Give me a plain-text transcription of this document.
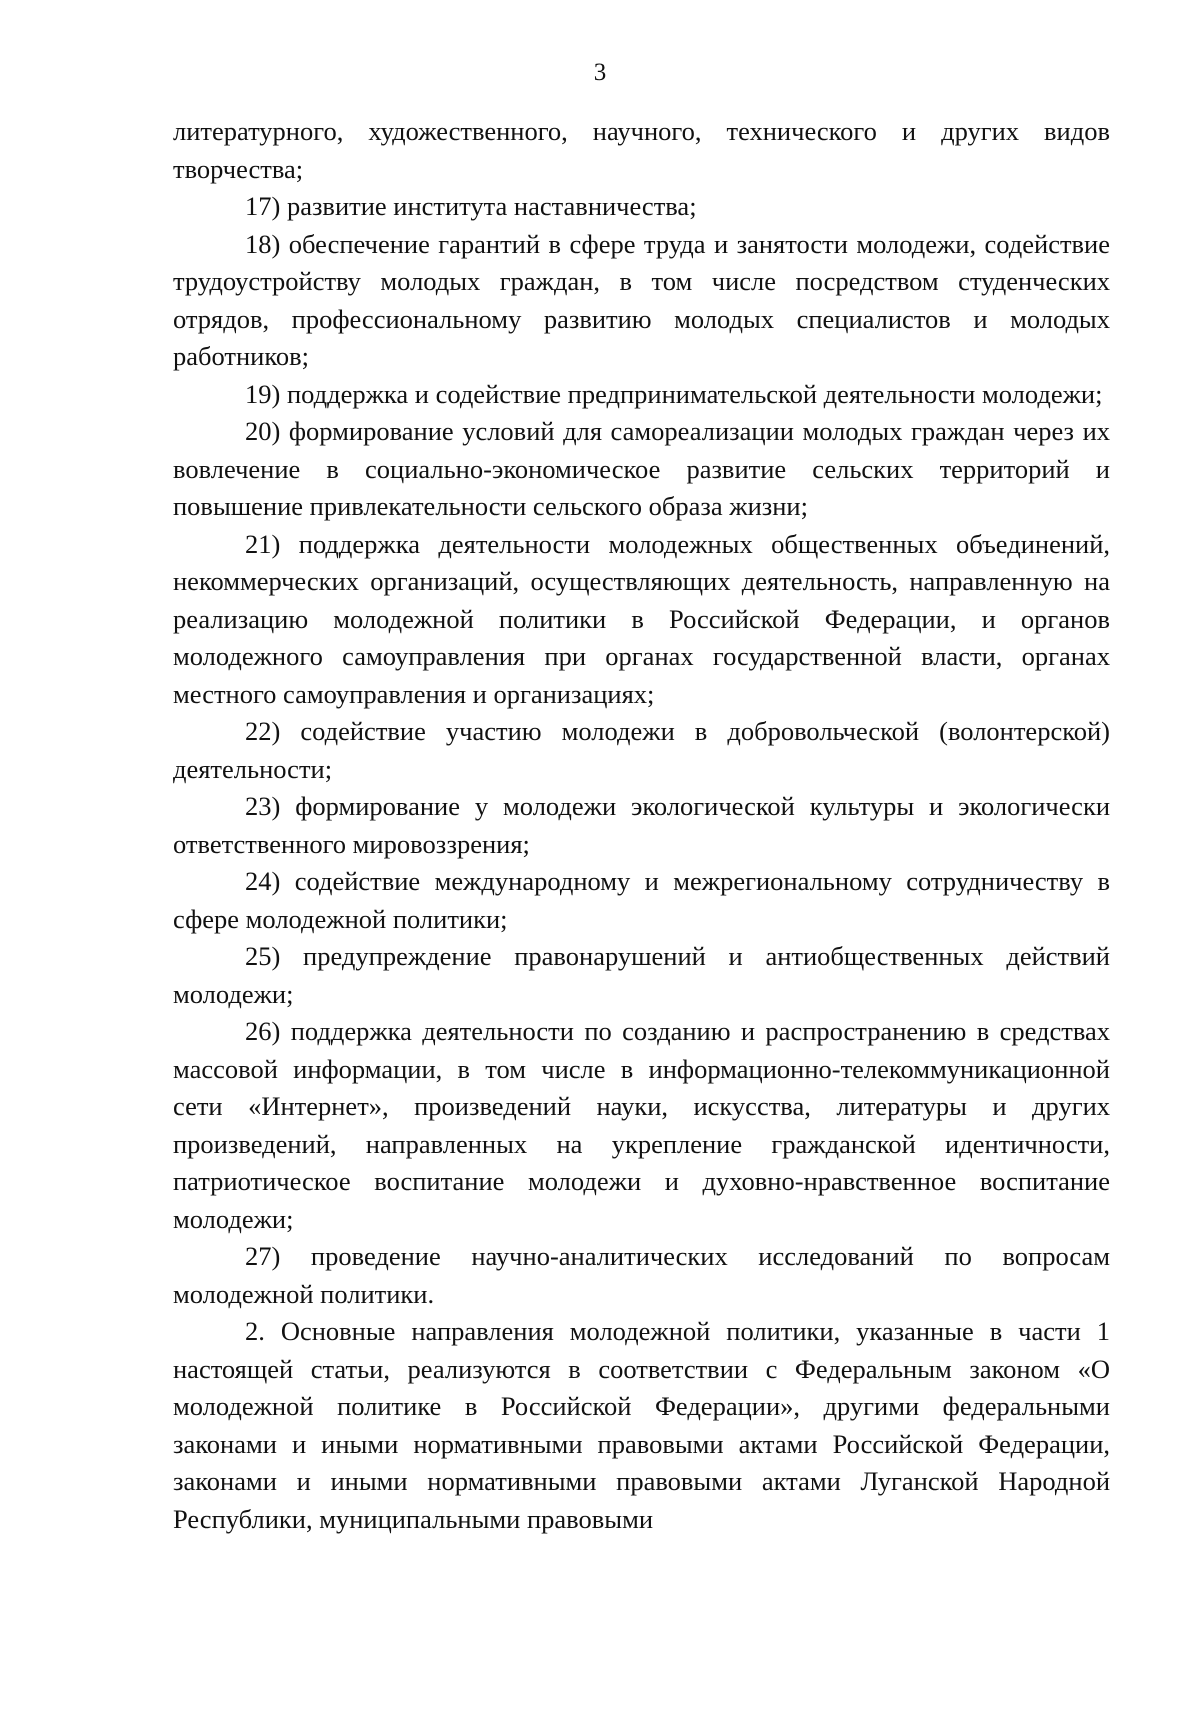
3

литературного, художественного, научного, технического и других видов творчества;

17) развитие института наставничества;

18) обеспечение гарантий в сфере труда и занятости молодежи, содействие трудоустройству молодых граждан, в том числе посредством студенческих отрядов, профессиональному развитию молодых специалистов и молодых работников;

19) поддержка и содействие предпринимательской деятельности молодежи;

20) формирование условий для самореализации молодых граждан через их вовлечение в социально-экономическое развитие сельских территорий и повышение привлекательности сельского образа жизни;

21) поддержка деятельности молодежных общественных объединений, некоммерческих организаций, осуществляющих деятельность, направленную на реализацию молодежной политики в Российской Федерации, и органов молодежного самоуправления при органах государственной власти, органах местного самоуправления и организациях;

22) содействие участию молодежи в добровольческой (волонтерской) деятельности;

23) формирование у молодежи экологической культуры и экологически ответственного мировоззрения;

24) содействие международному и межрегиональному сотрудничеству в сфере молодежной политики;

25) предупреждение правонарушений и антиобщественных действий молодежи;

26) поддержка деятельности по созданию и распространению в средствах массовой информации, в том числе в информационно-телекоммуникационной сети «Интернет», произведений науки, искусства, литературы и других произведений, направленных на укрепление гражданской идентичности, патриотическое воспитание молодежи и духовно-нравственное воспитание молодежи;

27) проведение научно-аналитических исследований по вопросам молодежной политики.

2. Основные направления молодежной политики, указанные в части 1 настоящей статьи, реализуются в соответствии с Федеральным законом «О молодежной политике в Российской Федерации», другими федеральными законами и иными нормативными правовыми актами Российской Федерации, законами и иными нормативными правовыми актами Луганской Народной Республики, муниципальными правовыми
